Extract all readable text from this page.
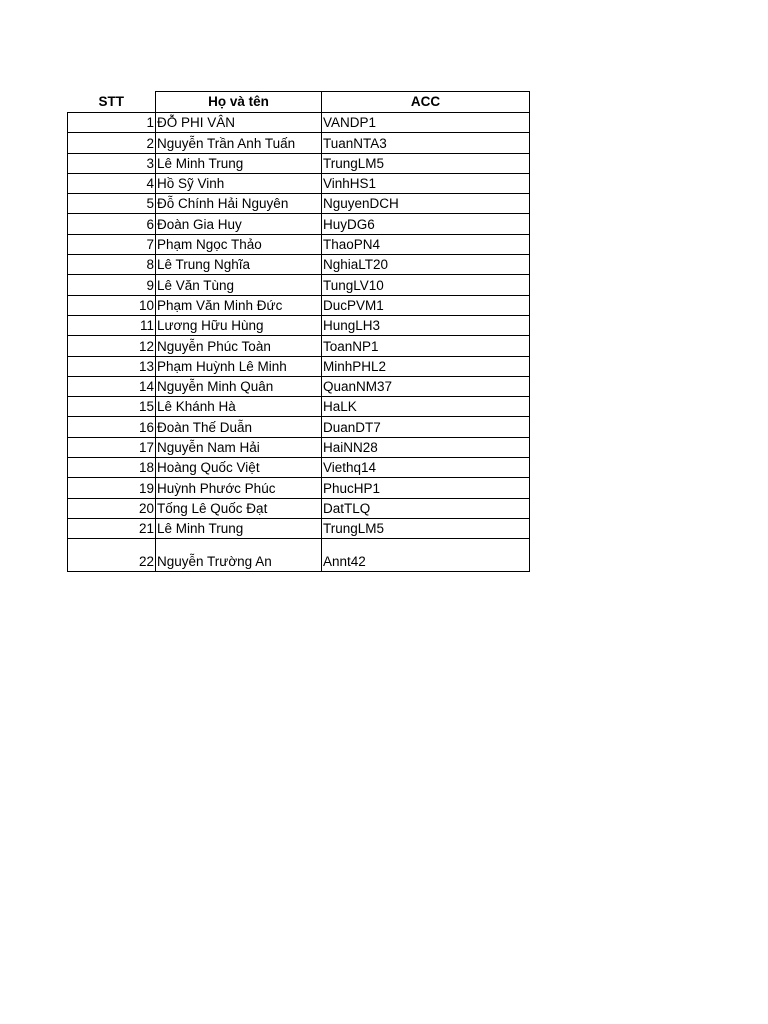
STT	Họ và tên	ACC
1	ĐỖ PHI VÂN	VANDP1
2	Nguyễn Trần Anh Tuấn	TuanNTA3
3	Lê Minh Trung	TrungLM5
4	Hồ Sỹ Vinh	VinhHS1
5	Đỗ Chính Hải Nguyên	NguyenDCH
6	Đoàn Gia Huy	HuyDG6
7	Phạm Ngọc Thảo	ThaoPN4
8	Lê Trung Nghĩa	NghiaLT20
9	Lê Văn Tùng	TungLV10
10	Phạm Văn Minh Đức	DucPVM1
11	Lương Hữu Hùng	HungLH3
12	Nguyễn Phúc Toàn	ToanNP1
13	Phạm Huỳnh Lê Minh	MinhPHL2
14	Nguyễn Minh Quân	QuanNM37
15	Lê Khánh Hà	HaLK
16	Đoàn Thế Duẫn	DuanDT7
17	Nguyễn Nam Hải	HaiNN28
18	Hoàng Quốc Việt	Viethq14
19	Huỳnh Phước Phúc	PhucHP1
20	Tống Lê Quốc Đạt	DatTLQ
21	Lê Minh Trung	TrungLM5
22	Nguyễn Trường An	Annt42
